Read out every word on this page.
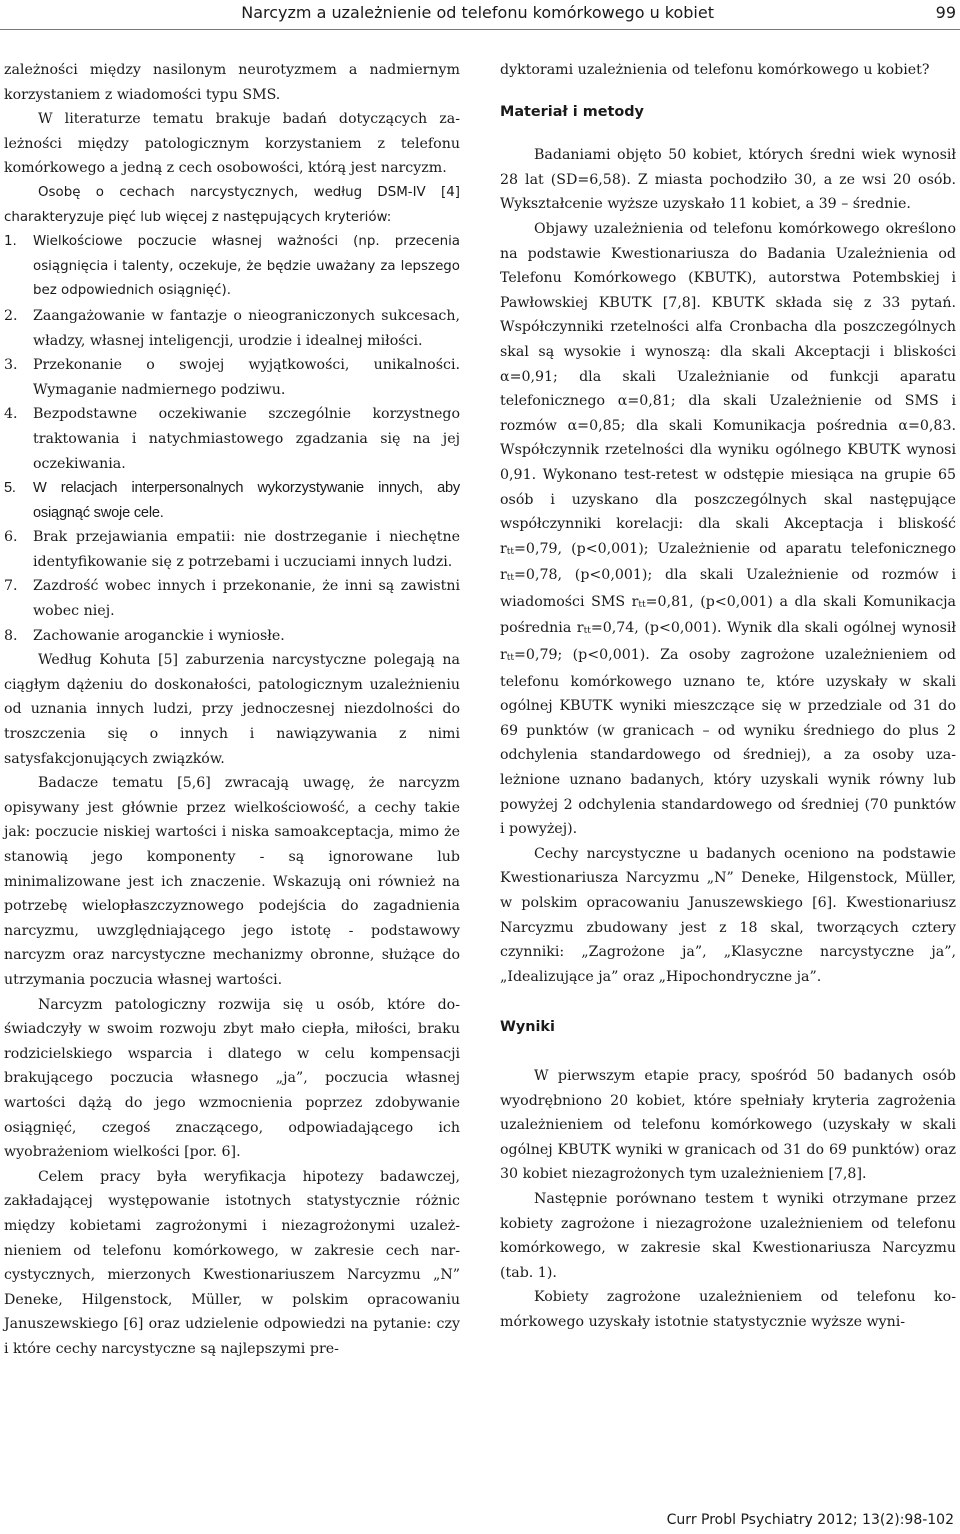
Narcyzm a uzależnienie od telefonu komórkowego u kobiet	99

zależności między nasilonym neurotyzmem a nadmiernym korzystaniem z wiadomości typu SMS.

W literaturze tematu brakuje badań dotyczących zależności między patologicznym korzystaniem z telefonu komórkowego a jedną z cech osobowości, którą jest narcyzm.

Osobę o cechach narcystycznych, według DSM-IV [4] charakteryzuje pięć lub więcej z następujących kryteriów:

1.	Wielkościowe poczucie własnej ważności (np. przecenia osiągnięcia i talenty, oczekuje, że będzie uważany za lepszego bez odpowiednich osiągnięć).
2.	Zaangażowanie w fantazje o nieograniczonych sukcesach, władzy, własnej inteligencji, urodzie i idealnej miłości.
3.	Przekonanie o swojej wyjątkowości, unikalności. Wymaganie nadmiernego podziwu.
4.	Bezpodstawne oczekiwanie szczególnie korzystnego traktowania i natychmiastowego zgadzania się na jej oczekiwania.
5.	W relacjach interpersonalnych wykorzystywanie innych, aby osiągnąć swoje cele.
6.	Brak przejawiania empatii: nie dostrzeganie i niechętne identyfikowanie się z potrzebami i uczuciami innych ludzi.
7.	Zazdrość wobec innych i przekonanie, że inni są zawistni wobec niej.
8.	Zachowanie aroganckie i wyniosłe.

Według Kohuta [5] zaburzenia narcystyczne polegają na ciągłym dążeniu do doskonałości, patologicznym uzależnieniu od uznania innych ludzi, przy jednoczesnej niezdolności do troszczenia się o innych i nawiązywania z nimi satysfakcjonujących związków.

Badacze tematu [5,6] zwracają uwagę, że narcyzm opisywany jest głównie przez wielkościowość, a cechy takie jak: poczucie niskiej wartości i niska samoakceptacja, mimo że stanowią jego komponenty - są ignorowane lub minimalizowane jest ich znaczenie. Wskazują oni również na potrzebę wielopłaszczyznowego podejścia do zagadnienia narcyzmu, uwzględniającego jego istotę - podstawowy narcyzm oraz narcystyczne mechanizmy obronne, służące do utrzymania poczucia własnej wartości.

Narcyzm patologiczny rozwija się u osób, które doświadczyły w swoim rozwoju zbyt mało ciepła, miłości, braku rodzicielskiego wsparcia i dlatego w celu kompensacji brakującego poczucia własnego „ja”, poczucia własnej wartości dążą do jego wzmocnienia poprzez zdobywanie osiągnięć, czegoś znaczącego, odpowiadającego ich wyobrażeniom wielkości [por. 6].

Celem pracy była weryfikacja hipotezy badawczej, zakładającej występowanie istotnych statystycznie różnic między kobietami zagrożonymi i niezagrożonymi uzależnieniem od telefonu komórkowego, w zakresie cech narcystycznych, mierzonych Kwestionariuszem Narcyzmu „N” Deneke, Hilgenstock, Müller, w polskim opracowaniu Januszewskiego [6] oraz udzielenie odpowiedzi na pytanie: czy i które cechy narcystyczne są najlepszymi pre-

dyktorami uzależnienia od telefonu komórkowego u kobiet?

Materiał i metody

Badaniami objęto 50 kobiet, których średni wiek wynosił 28 lat (SD=6,58). Z miasta pochodziło 30, a ze wsi 20 osób. Wykształcenie wyższe uzyskało 11 kobiet, a 39 – średnie.

Objawy uzależnienia od telefonu komórkowego określono na podstawie Kwestionariusza do Badania Uzależnienia od Telefonu Komórkowego (KBUTK), autorstwa Potembskiej i Pawłowskiej KBUTK [7,8]. KBUTK składa się z 33 pytań. Współczynniki rzetelności alfa Cronbacha dla poszczególnych skal są wysokie i wynoszą: dla skali Akceptacji i bliskości α=0,91; dla skali Uzależnianie od funkcji aparatu telefonicznego α=0,81; dla skali Uzależnienie od SMS i rozmów α=0,85; dla skali Komunikacja pośrednia α=0,83. Współczynnik rzetelności dla wyniku ogólnego KBUTK wynosi 0,91. Wykonano test-retest w odstępie miesiąca na grupie 65 osób i uzyskano dla poszczególnych skal następujące współczynniki korelacji: dla skali Akceptacja i bliskość $r_{tt}=0,79$, (p<0,001); Uzależnienie od aparatu telefonicznego $r_{tt}=0,78$, (p<0,001); dla skali Uzależnienie od rozmów i wiadomości SMS $r_{tt}=0,81$, (p<0,001) a dla skali Komunikacja pośrednia $r_{tt}=0,74$, (p<0,001). Wynik dla skali ogólnej wynosił $r_{tt}=0,79$; (p<0,001). Za osoby zagrożone uzależnieniem od telefonu komórkowego uznano te, które uzyskały w skali ogólnej KBUTK wyniki mieszczące się w przedziale od 31 do 69 punktów (w granicach – od wyniku średniego do plus 2 odchylenia standardowego od średniej), a za osoby uzależnione uznano badanych, który uzyskali wynik równy lub powyżej 2 odchylenia standardowego od średniej (70 punktów i powyżej).

Cechy narcystyczne u badanych oceniono na podstawie Kwestionariusza Narcyzmu „N” Deneke, Hilgenstock, Müller, w polskim opracowaniu Januszewskiego [6]. Kwestionariusz Narcyzmu zbudowany jest z 18 skal, tworzących cztery czynniki: „Zagrożone ja”, „Klasyczne narcystyczne ja”, „Idealizujące ja” oraz „Hipochondryczne ja”.

Wyniki

W pierwszym etapie pracy, spośród 50 badanych osób wyodrębniono 20 kobiet, które spełniały kryteria zagrożenia uzależnieniem od telefonu komórkowego (uzyskały w skali ogólnej KBUTK wyniki w granicach od 31 do 69 punktów) oraz 30 kobiet niezagrożonych tym uzależnieniem [7,8].

Następnie porównano testem t wyniki otrzymane przez kobiety zagrożone i niezagrożone uzależnieniem od telefonu komórkowego, w zakresie skal Kwestionariusza Narcyzmu (tab. 1).

Kobiety zagrożone uzależnieniem od telefonu komórkowego uzyskały istotnie statystycznie wyższe wyni-

Curr Probl Psychiatry 2012; 13(2):98-102
